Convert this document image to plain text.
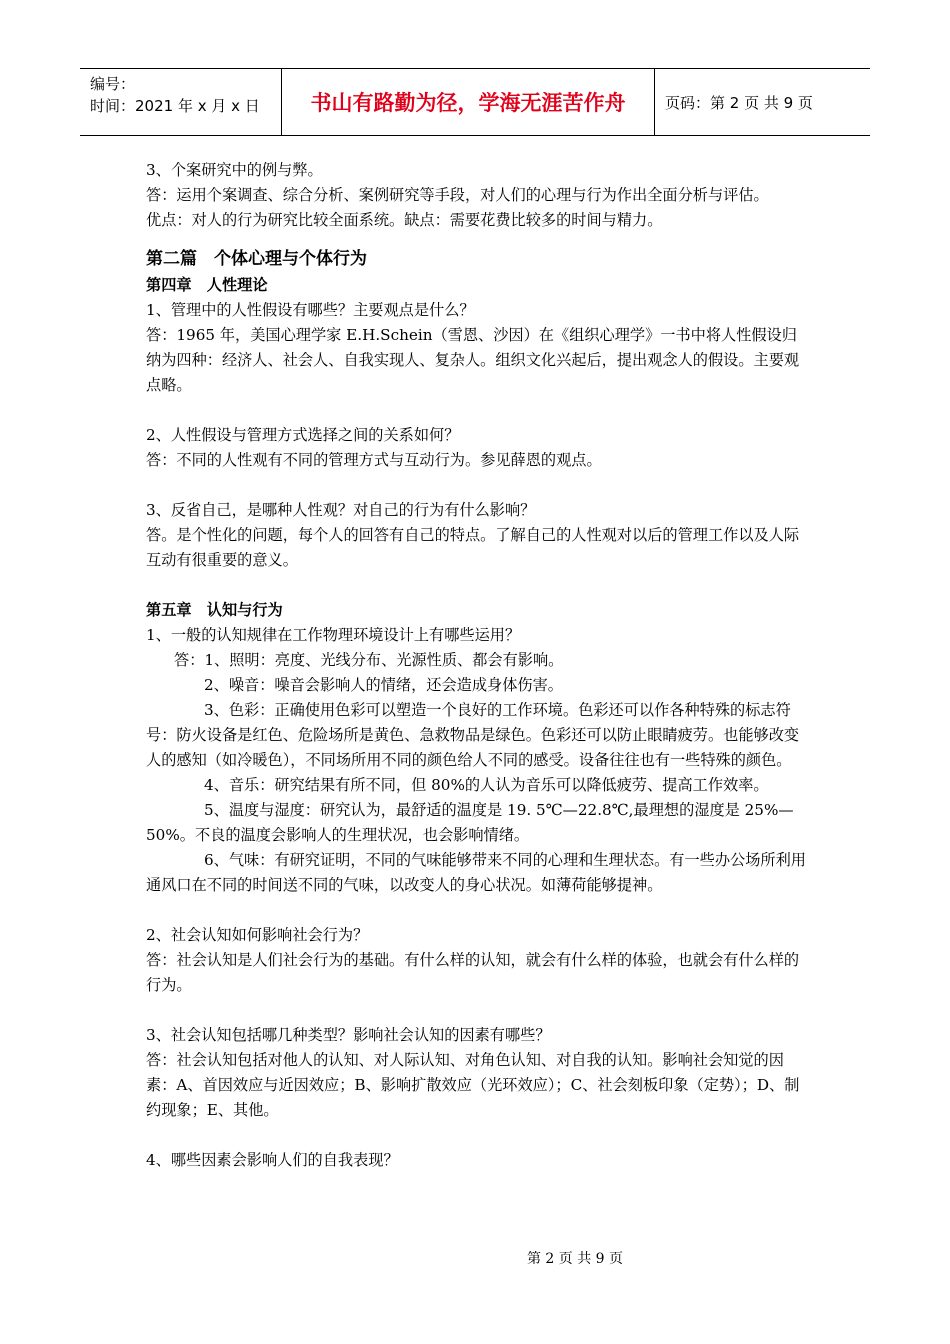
编号：
时间：2021 年 x 月 x 日	书山有路勤为径，学海无涯苦作舟	页码：第 2 页 共 9 页

3、个案研究中的例与弊。

答：运用个案调查、综合分析、案例研究等手段，对人们的心理与行为作出全面分析与评估。

优点：对人的行为研究比较全面系统。缺点：需要花费比较多的时间与精力。

第二篇　个体心理与个体行为

第四章　人性理论

1、管理中的人性假设有哪些？主要观点是什么？

答：1965 年，美国心理学家 E.H.Schein（雪恩、沙因）在《组织心理学》一书中将人性假设归纳为四种：经济人、社会人、自我实现人、复杂人。组织文化兴起后，提出观念人的假设。主要观点略。

2、人性假设与管理方式选择之间的关系如何？

答：不同的人性观有不同的管理方式与互动行为。参见薛恩的观点。

3、反省自己，是哪种人性观？对自己的行为有什么影响？

答。是个性化的问题，每个人的回答有自己的特点。了解自己的人性观对以后的管理工作以及人际互动有很重要的意义。

第五章　认知与行为

1、一般的认知规律在工作物理环境设计上有哪些运用？

答：1、照明：亮度、光线分布、光源性质、都会有影响。

2、噪音：噪音会影响人的情绪，还会造成身体伤害。

3、色彩：正确使用色彩可以塑造一个良好的工作环境。色彩还可以作各种特殊的标志符号：防火设备是红色、危险场所是黄色、急救物品是绿色。色彩还可以防止眼睛疲劳。也能够改变人的感知（如冷暖色），不同场所用不同的颜色给人不同的感受。设备往往也有一些特殊的颜色。

4、音乐：研究结果有所不同，但 80%的人认为音乐可以降低疲劳、提高工作效率。

5、温度与湿度：研究认为，最舒适的温度是 19. 5℃—22.8℃,最理想的湿度是 25%—50%。不良的温度会影响人的生理状况，也会影响情绪。

6、气味：有研究证明，不同的气味能够带来不同的心理和生理状态。有一些办公场所利用通风口在不同的时间送不同的气味，以改变人的身心状况。如薄荷能够提神。

2、社会认知如何影响社会行为？

答：社会认知是人们社会行为的基础。有什么样的认知，就会有什么样的体验，也就会有什么样的行为。

3、社会认知包括哪几种类型？影响社会认知的因素有哪些？

答：社会认知包括对他人的认知、对人际认知、对角色认知、对自我的认知。影响社会知觉的因素：A、首因效应与近因效应；B、影响扩散效应（光环效应）；C、社会刻板印象（定势）；D、制约现象；E、其他。

4、哪些因素会影响人们的自我表现？

第 2 页 共 9 页
